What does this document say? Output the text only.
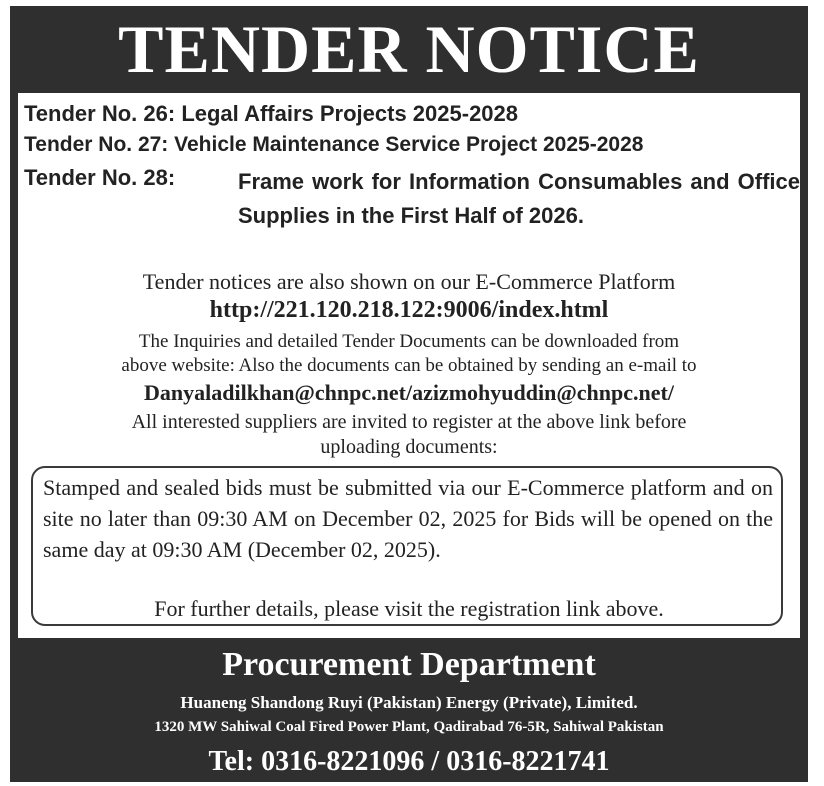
TENDER NOTICE
Tender No. 26: Legal Affairs Projects 2025-2028
Tender No. 27: Vehicle Maintenance Service Project 2025-2028
Tender No. 28:	Frame work for Information Consumables and Office Supplies in the First Half of 2026.
Tender notices are also shown on our E-Commerce Platform
http://221.120.218.122:9006/index.html
The Inquiries and detailed Tender Documents can be downloaded from
above website: Also the documents can be obtained by sending an e-mail to
Danyaladilkhan@chnpc.net/azizmohyuddin@chnpc.net/
All interested suppliers are invited to register at the above link before
uploading documents:
Stamped and sealed bids must be submitted via our E-Commerce platform and on site no later than 09:30 AM on December 02, 2025 for Bids will be opened on the same day at 09:30 AM (December 02, 2025).
For further details, please visit the registration link above.
Procurement Department
Huaneng Shandong Ruyi (Pakistan) Energy (Private), Limited.
1320 MW Sahiwal Coal Fired Power Plant, Qadirabad 76-5R, Sahiwal Pakistan
Tel: 0316-8221096 / 0316-8221741
